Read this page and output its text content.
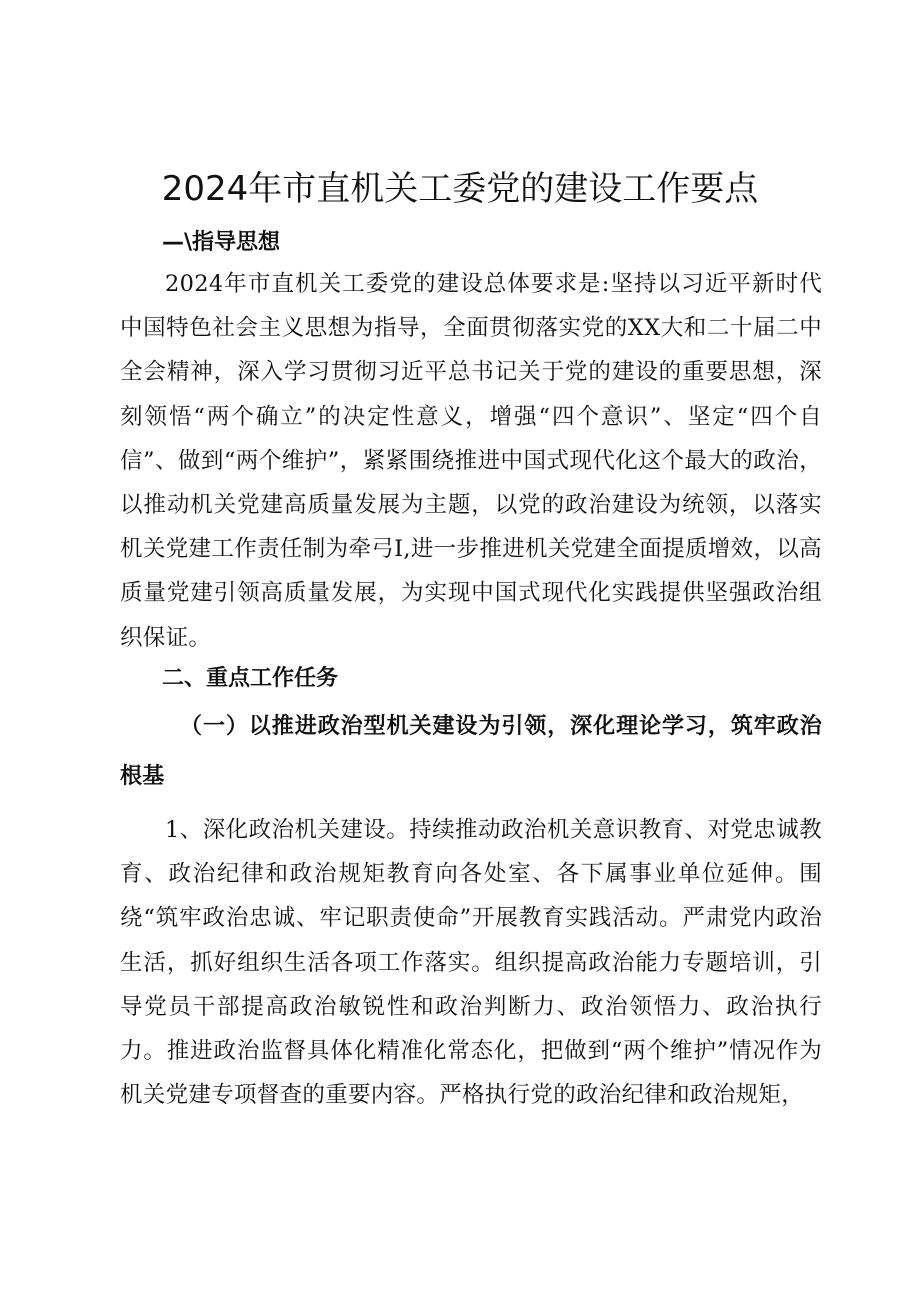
2024年市直机关工委党的建设工作要点
—\指导思想

2024年市直机关工委党的建设总体要求是:坚持以习近平新时代中国特色社会主义思想为指导，全面贯彻落实党的XX大和二十届二中全会精神，深入学习贯彻习近平总书记关于党的建设的重要思想，深刻领悟“两个确立”的决定性意义，增强“四个意识”、坚定“四个自信”、做到“两个维护”，紧紧围绕推进中国式现代化这个最大的政治，以推动机关党建高质量发展为主题，以党的政治建设为统领，以落实机关党建工作责任制为牵弓I,进一步推进机关党建全面提质增效，以高质量党建引领高质量发展，为实现中国式现代化实践提供坚强政治组织保证。

二、重点工作任务

（一）以推进政治型机关建设为引领，深化理论学习，筑牢政治根基

1、深化政治机关建设。持续推动政治机关意识教育、对党忠诚教育、政治纪律和政治规矩教育向各处室、各下属事业单位延伸。围绕“筑牢政治忠诚、牢记职责使命”开展教育实践活动。严肃党内政治生活，抓好组织生活各项工作落实。组织提高政治能力专题培训，引导党员干部提高政治敏锐性和政治判断力、政治领悟力、政治执行力。推进政治监督具体化精准化常态化，把做到“两个维护”情况作为机关党建专项督查的重要内容。严格执行党的政治纪律和政治规矩，
